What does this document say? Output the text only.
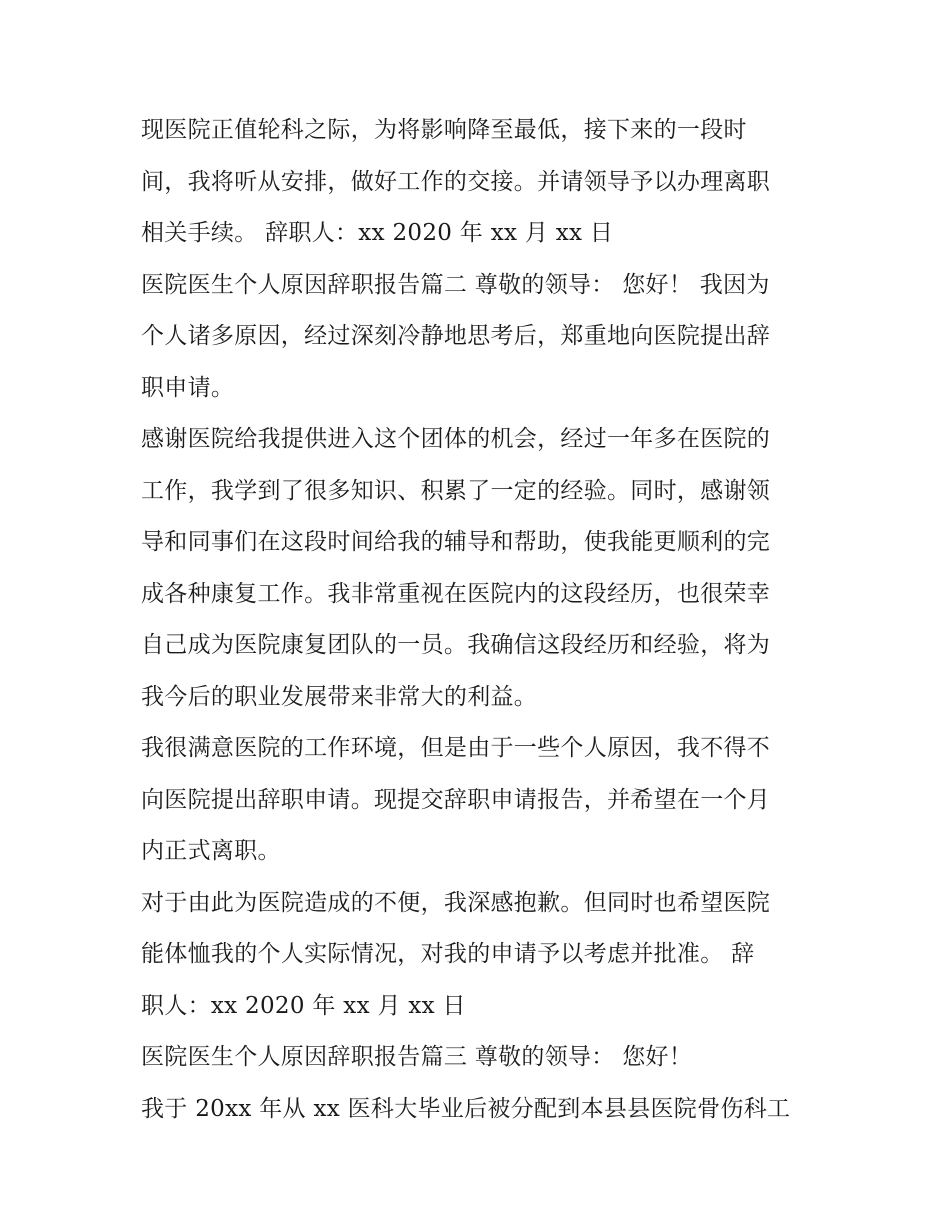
现医院正值轮科之际，为将影响降至最低，接下来的一段时
间，我将听从安排，做好工作的交接。并请领导予以办理离职
相关手续。 辞职人：xx 2020 年 xx 月 xx 日
医院医生个人原因辞职报告篇二 尊敬的领导： 您好！ 我因为
个人诸多原因，经过深刻冷静地思考后，郑重地向医院提出辞
职申请。
感谢医院给我提供进入这个团体的机会，经过一年多在医院的
工作，我学到了很多知识、积累了一定的经验。同时，感谢领
导和同事们在这段时间给我的辅导和帮助，使我能更顺利的完
成各种康复工作。我非常重视在医院内的这段经历，也很荣幸
自己成为医院康复团队的一员。我确信这段经历和经验，将为
我今后的职业发展带来非常大的利益。
我很满意医院的工作环境，但是由于一些个人原因，我不得不
向医院提出辞职申请。现提交辞职申请报告，并希望在一个月
内正式离职。
对于由此为医院造成的不便，我深感抱歉。但同时也希望医院
能体恤我的个人实际情况，对我的申请予以考虑并批准。 辞
职人：xx 2020 年 xx 月 xx 日
医院医生个人原因辞职报告篇三 尊敬的领导： 您好！
我于 20xx 年从 xx 医科大毕业后被分配到本县县医院骨伤科工
